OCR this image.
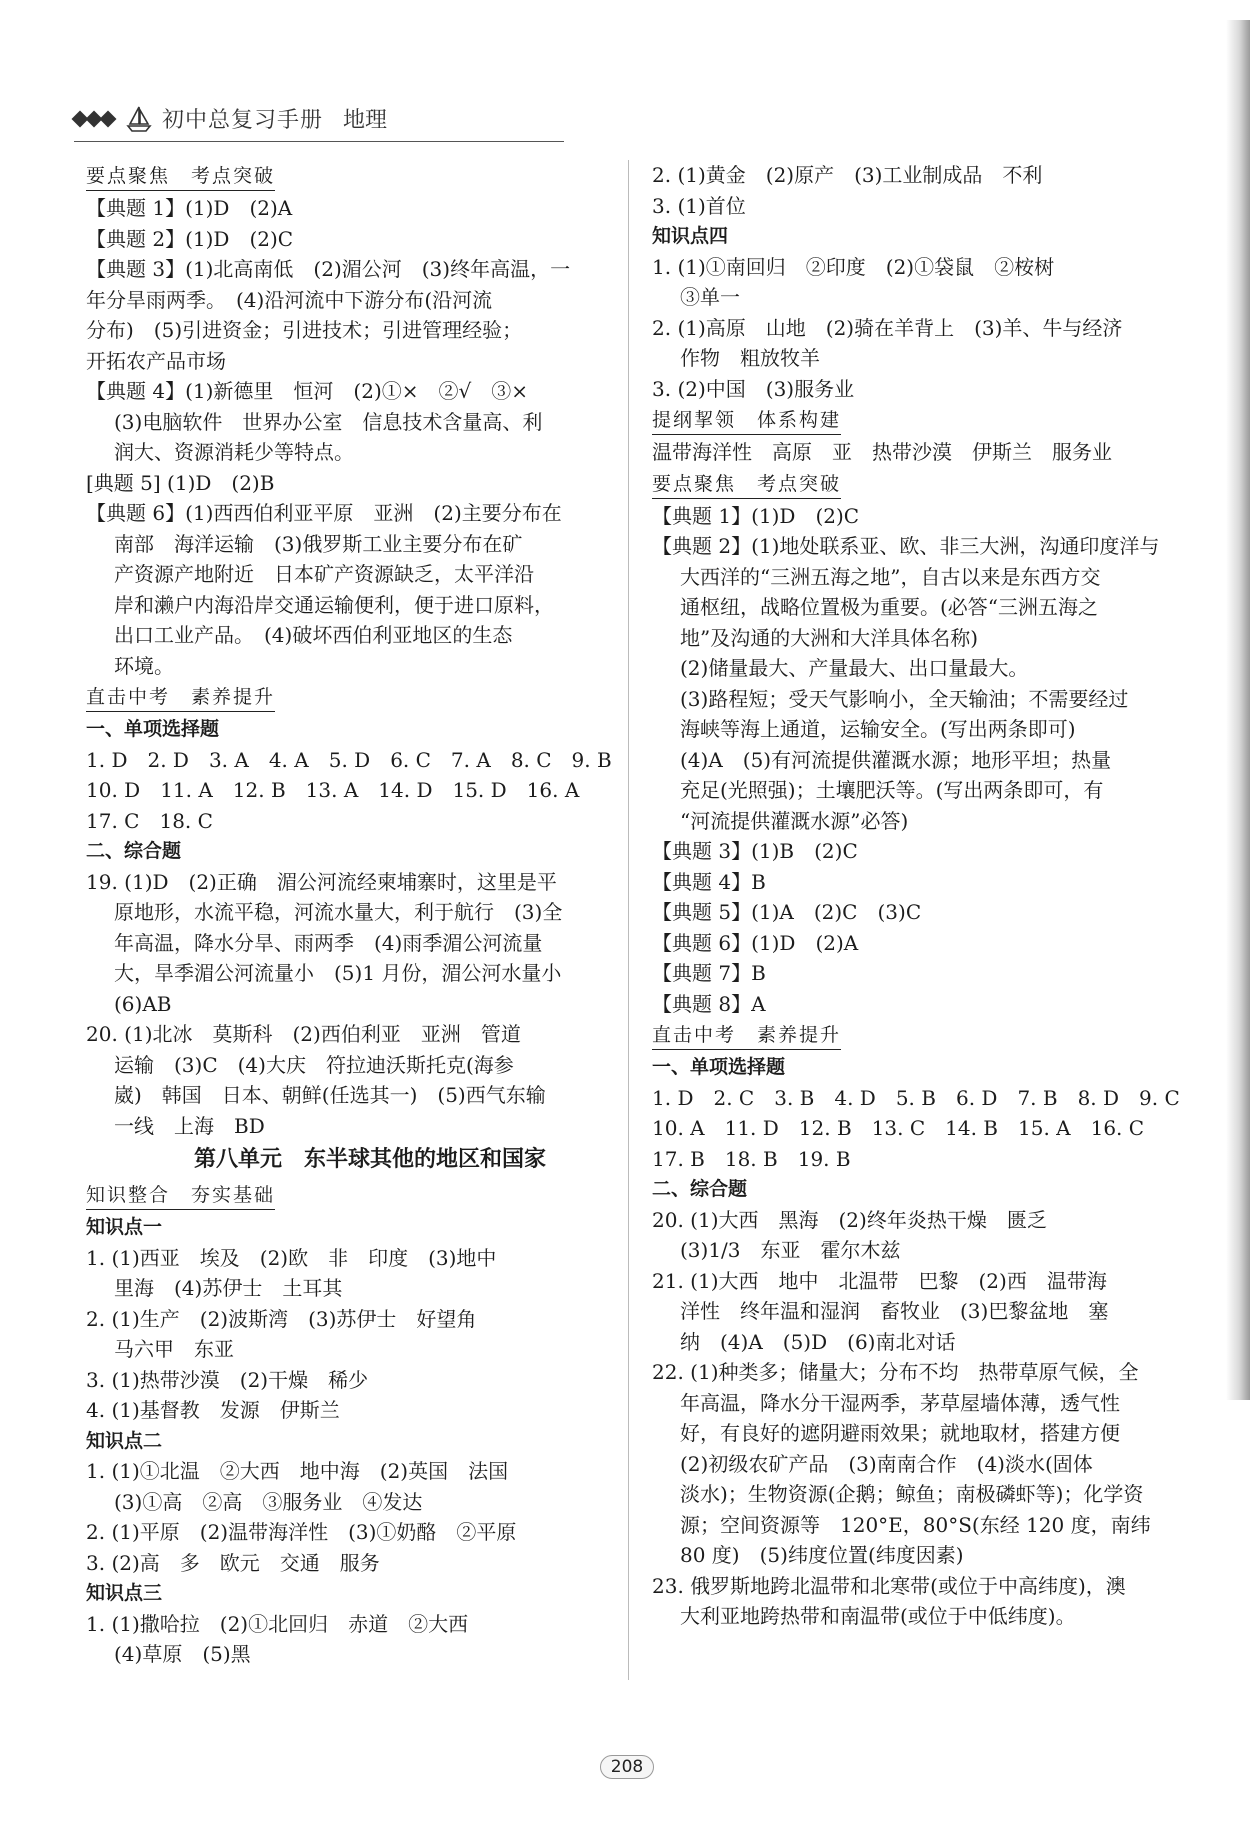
初中总复习手册 地理
要点聚焦　考点突破
【典题 1】(1)D　(2)A
【典题 2】(1)D　(2)C
【典题 3】(1)北高南低　(2)湄公河　(3)终年高温，一
年分旱雨两季。　(4)沿河流中下游分布(沿河流
分布)　(5)引进资金；引进技术；引进管理经验；
开拓农产品市场
【典题 4】(1)新德里　恒河　(2)①×　②√　③×
(3)电脑软件　世界办公室　信息技术含量高、利
润大、资源消耗少等特点。
[典题 5] (1)D　(2)B
【典题 6】(1)西西伯利亚平原　亚洲　(2)主要分布在
南部　海洋运输　(3)俄罗斯工业主要分布在矿
产资源产地附近　日本矿产资源缺乏，太平洋沿
岸和濑户内海沿岸交通运输便利，便于进口原料，
出口工业产品。　(4)破坏西伯利亚地区的生态
环境。
直击中考　素养提升
一、单项选择题
1. D　2. D　3. A　4. A　5. D　6. C　7. A　8. C　9. B
10. D　11. A　12. B　13. A　14. D　15. D　16. A
17. C　18. C
二、综合题
19. (1)D　(2)正确　湄公河流经柬埔寨时，这里是平
原地形，水流平稳，河流水量大，利于航行　(3)全
年高温，降水分旱、雨两季　(4)雨季湄公河流量
大，旱季湄公河流量小　(5)1 月份，湄公河水量小
(6)AB
20. (1)北冰　莫斯科　(2)西伯利亚　亚洲　管道
运输　(3)C　(4)大庆　符拉迪沃斯托克(海参
崴)　韩国　日本、朝鲜(任选其一)　(5)西气东输
一线　上海　BD
第八单元　东半球其他的地区和国家
知识整合　夯实基础
知识点一
1. (1)西亚　埃及　(2)欧　非　印度　(3)地中
里海　(4)苏伊士　土耳其
2. (1)生产　(2)波斯湾　(3)苏伊士　好望角
马六甲　东亚
3. (1)热带沙漠　(2)干燥　稀少
4. (1)基督教　发源　伊斯兰
知识点二
1. (1)①北温　②大西　地中海　(2)英国　法国
(3)①高　②高　③服务业　④发达
2. (1)平原　(2)温带海洋性　(3)①奶酪　②平原
3. (2)高　多　欧元　交通　服务
知识点三
1. (1)撒哈拉　(2)①北回归　赤道　②大西
(4)草原　(5)黑
2. (1)黄金　(2)原产　(3)工业制成品　不利
3. (1)首位
知识点四
1. (1)①南回归　②印度　(2)①袋鼠　②桉树
③单一
2. (1)高原　山地　(2)骑在羊背上　(3)羊、牛与经济
作物　粗放牧羊
3. (2)中国　(3)服务业
提纲挈领　体系构建
温带海洋性　高原　亚　热带沙漠　伊斯兰　服务业
要点聚焦　考点突破
【典题 1】(1)D　(2)C
【典题 2】(1)地处联系亚、欧、非三大洲，沟通印度洋与
大西洋的“三洲五海之地”，自古以来是东西方交
通枢纽，战略位置极为重要。(必答“三洲五海之
地”及沟通的大洲和大洋具体名称)
(2)储量最大、产量最大、出口量最大。
(3)路程短；受天气影响小，全天输油；不需要经过
海峡等海上通道，运输安全。(写出两条即可)
(4)A　(5)有河流提供灌溉水源；地形平坦；热量
充足(光照强)；土壤肥沃等。(写出两条即可，有
“河流提供灌溉水源”必答)
【典题 3】(1)B　(2)C
【典题 4】B
【典题 5】(1)A　(2)C　(3)C
【典题 6】(1)D　(2)A
【典题 7】B
【典题 8】A
直击中考　素养提升
一、单项选择题
1. D　2. C　3. B　4. D　5. B　6. D　7. B　8. D　9. C
10. A　11. D　12. B　13. C　14. B　15. A　16. C
17. B　18. B　19. B
二、综合题
20. (1)大西　黑海　(2)终年炎热干燥　匮乏
(3)1/3　东亚　霍尔木兹
21. (1)大西　地中　北温带　巴黎　(2)西　温带海
洋性　终年温和湿润　畜牧业　(3)巴黎盆地　塞
纳　(4)A　(5)D　(6)南北对话
22. (1)种类多；储量大；分布不均　热带草原气候，全
年高温，降水分干湿两季，茅草屋墙体薄，透气性
好，有良好的遮阴避雨效果；就地取材，搭建方便
(2)初级农矿产品　(3)南南合作　(4)淡水(固体
淡水)；生物资源(企鹅；鲸鱼；南极磷虾等)；化学资
源；空间资源等　120°E，80°S(东经 120 度，南纬
80 度)　(5)纬度位置(纬度因素)
23. 俄罗斯地跨北温带和北寒带(或位于中高纬度)，澳
大利亚地跨热带和南温带(或位于中低纬度)。
208
